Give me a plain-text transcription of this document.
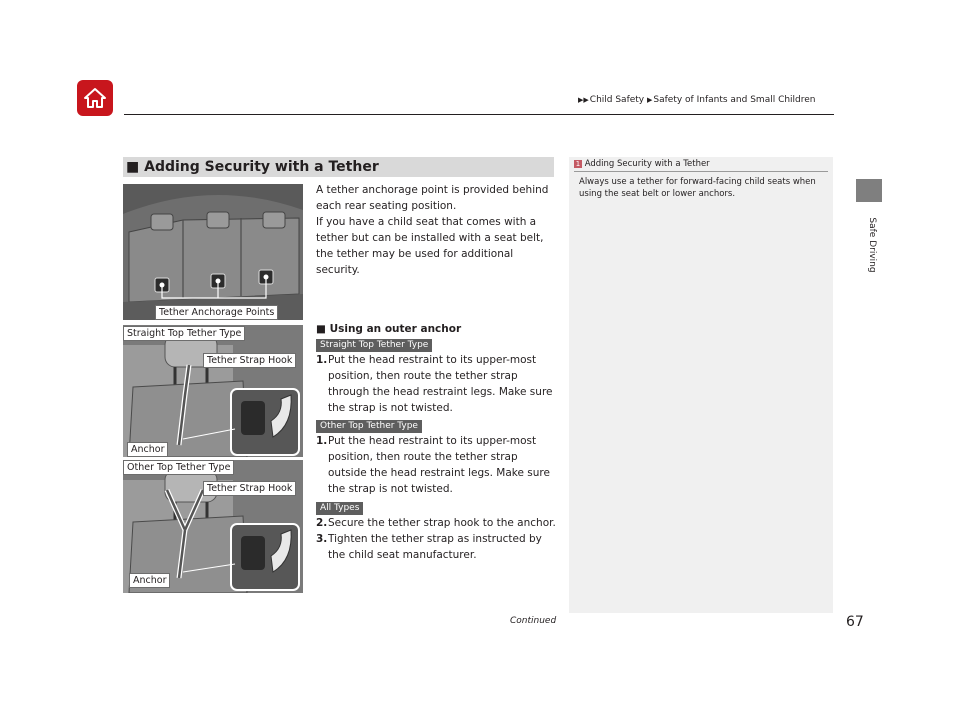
▶▶Child Safety ▶Safety of Infants and Small Children
Safe Driving
■ Adding Security with a Tether
Tether Anchorage Points
Straight Top Tether Type
Tether Strap Hook
Anchor
Other Top Tether Type
Tether Strap Hook
Anchor
A tether anchorage point is provided behind each rear seating position.
If you have a child seat that comes with a tether but can be installed with a seat belt, the tether may be used for additional security.
■ Using an outer anchor
Straight Top Tether Type
1. Put the head restraint to its upper-most position, then route the tether strap through the head restraint legs. Make sure the strap is not twisted.
Other Top Tether Type
1. Put the head restraint to its upper-most position, then route the tether strap outside the head restraint legs. Make sure the strap is not twisted.
All Types
2. Secure the tether strap hook to the anchor.
3. Tighten the tether strap as instructed by the child seat manufacturer.
1 Adding Security with a Tether
Always use a tether for forward-facing child seats when using the seat belt or lower anchors.
Continued	67
